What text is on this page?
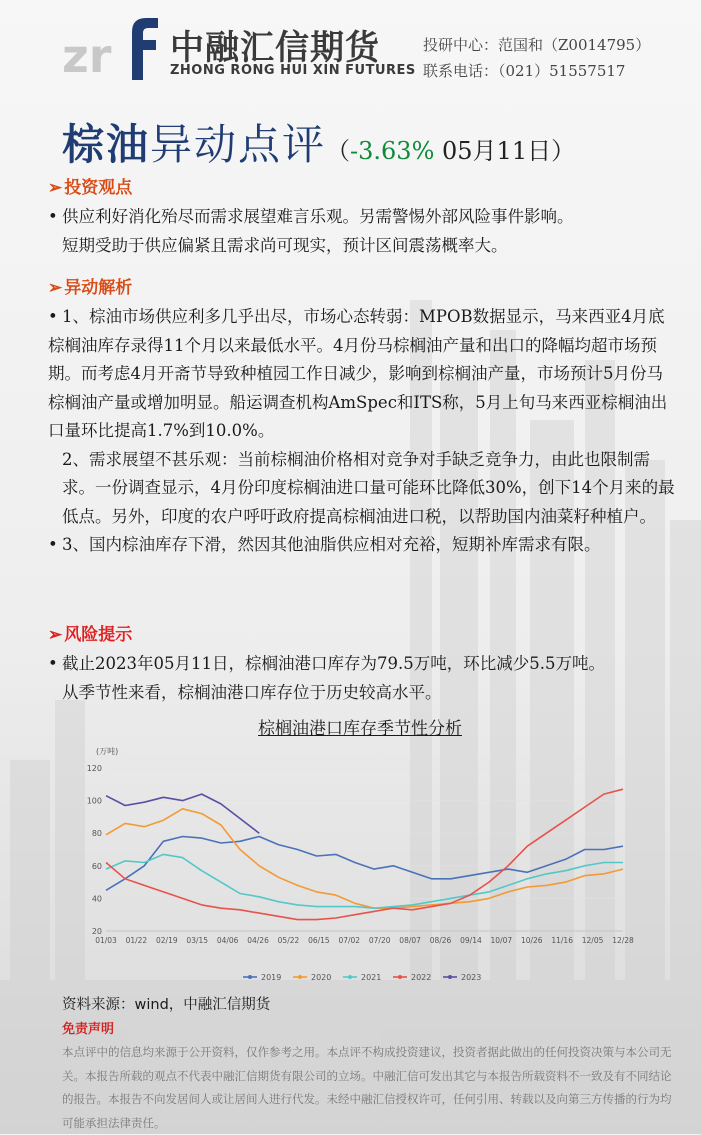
zr 中融汇信期货
ZHONG RONG HUI XIN FUTURES
投研中心：范国和（Z0014795）
联系电话：（021）51557517
棕油异动点评（-3.63% 05月11日）
➢ 投资观点
• 供应利好消化殆尽而需求展望难言乐观。另需警惕外部风险事件影响。
短期受助于供应偏紧且需求尚可现实，预计区间震荡概率大。
➢ 异动解析
• 1、棕油市场供应利多几乎出尽，市场心态转弱：MPOB数据显示，马来西亚4月底棕榈油库存录得11个月以来最低水平。4月份马棕榈油产量和出口的降幅均超市场预期。而考虑4月开斋节导致种植园工作日减少，影响到棕榈油产量，市场预计5月份马棕榈油产量或增加明显。船运调查机构AmSpec和ITS称，5月上旬马来西亚棕榈油出口量环比提高1.7%到10.0%。
2、需求展望不甚乐观：当前棕榈油价格相对竞争对手缺乏竞争力，由此也限制需求。一份调查显示，4月份印度棕榈油进口量可能环比降低30%，创下14个月来的最低点。另外，印度的农户呼吁政府提高棕榈油进口税，以帮助国内油菜籽种植户。
• 3、国内棕油库存下滑，然因其他油脂供应相对充裕，短期补库需求有限。
➢ 风险提示
• 截止2023年05月11日，棕榈油港口库存为79.5万吨，环比减少5.5万吨。
从季节性来看，棕榈油港口库存位于历史较高水平。
棕榈油港口库存季节性分析
(万吨)
20
40
60
80
100
120
01/03 01/22 02/19 03/15 04/06 04/26 05/22 06/15 07/02 07/20 08/07 08/26 09/14 10/07 10/26 11/16 12/05 12/28
2019	2020	2021	2022	2023
资料来源：wind，中融汇信期货
免责声明
本点评中的信息均来源于公开资料，仅作参考之用。本点评不构成投资建议，投资者据此做出的任何投资决策与本公司无关。本报告所载的观点不代表中融汇信期货有限公司的立场。中融汇信可发出其它与本报告所载资料不一致及有不同结论的报告。本报告不向发居间人或让居间人进行代发。未经中融汇信授权许可，任何引用、转载以及向第三方传播的行为均可能承担法律责任。
